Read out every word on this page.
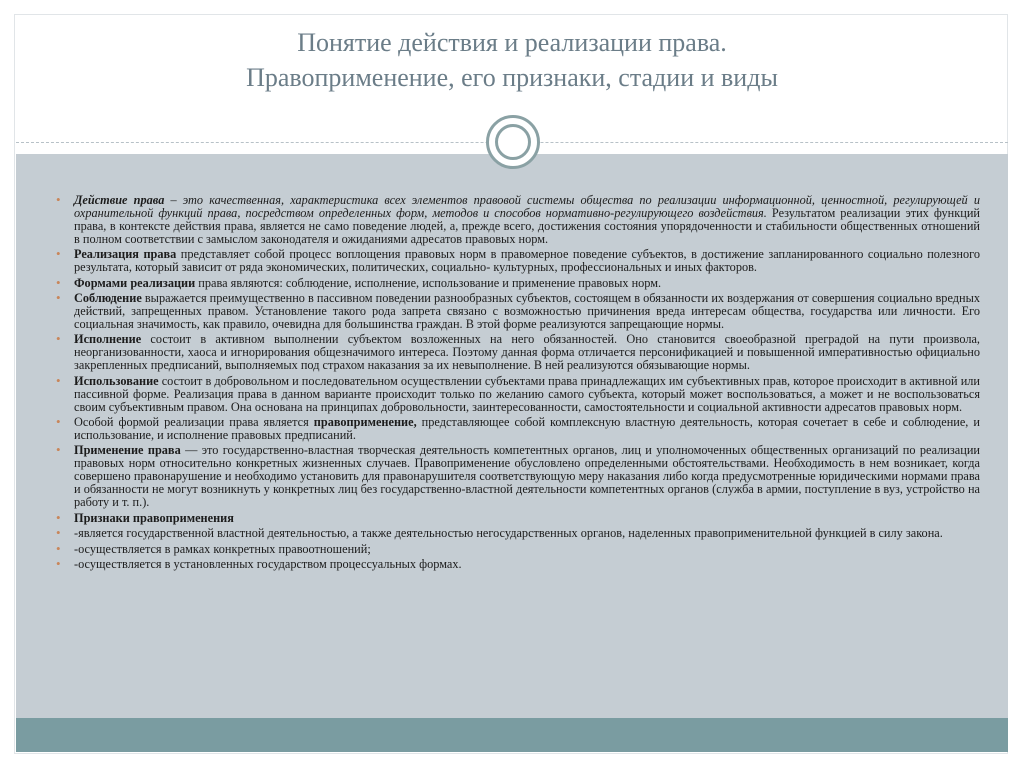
Понятие действия и реализации права.
Правоприменение, его признаки, стадии и виды
• Действие права – это качественная, характеристика всех элементов правовой системы общества по реализации информационной, ценностной, регулирующей и охранительной функций права, посредством определенных форм, методов и способов нормативно-регулирующего воздействия. Результатом реализации этих функций права, в контексте действия права, является не само поведение людей, а, прежде всего, достижения состояния упорядоченности и стабильности общественных отношений в полном соответствии с замыслом законодателя и ожиданиями адресатов правовых норм.
• Реализация права представляет собой процесс воплощения правовых норм в правомерное поведение субъектов, в достижение запланированного социально полезного результата, который зависит от ряда экономических, политических, социально- культурных, профессиональных и иных факторов.
• Формами реализации права являются: соблюдение, исполнение, использование и применение правовых норм.
• Соблюдение выражается преимущественно в пассивном поведении разнообразных субъектов, состоящем в обязанности их воздержания от совершения социально вредных действий, запрещенных правом. Установление такого рода запрета связано с возможностью причинения вреда интересам общества, государства или личности. Его социальная значимость, как правило, очевидна для большинства граждан. В этой форме реализуются запрещающие нормы.
• Исполнение состоит в активном выполнении субъектом возложенных на него обязанностей. Оно становится своеобразной преградой на пути произвола, неорганизованности, хаоса и игнорирования общезначимого интереса. Поэтому данная форма отличается персонификацией и повышенной императивностью официально закрепленных предписаний, выполняемых под страхом наказания за их невыполнение. В ней реализуются обязывающие нормы.
• Использование состоит в добровольном и последовательном осуществлении субъектами права принадлежащих им субъективных прав, которое происходит в активной или пассивной форме. Реализация права в данном варианте происходит только по желанию самого субъекта, который может воспользоваться, а может и не воспользоваться своим субъективным правом. Она основана на принципах добровольности, заинтересованности, самостоятельности и социальной активности адресатов правовых норм.
• Особой формой реализации права является правоприменение, представляющее собой комплексную властную деятельность, которая сочетает в себе и соблюдение, и использование, и исполнение правовых предписаний.
• Применение права — это государственно-властная творческая деятельность компетентных органов, лиц и уполномоченных общественных организаций по реализации правовых норм относительно конкретных жизненных случаев. Правоприменение обусловлено определенными обстоятельствами. Необходимость в нем возникает, когда совершено правонарушение и необходимо установить для правонарушителя соответствующую меру наказания либо когда предусмотренные юридическими нормами права и обязанности не могут возникнуть у конкретных лиц без государственно-властной деятельности компетентных органов (служба в армии, поступление в вуз, устройство на работу и т. п.).
• Признаки правоприменения
• -является государственной властной деятельностью, а также деятельностью негосударственных органов, наделенных правоприменительной функцией в силу закона.
• -осуществляется в рамках конкретных правоотношений;
• -осуществляется в установленных государством процессуальных формах.
